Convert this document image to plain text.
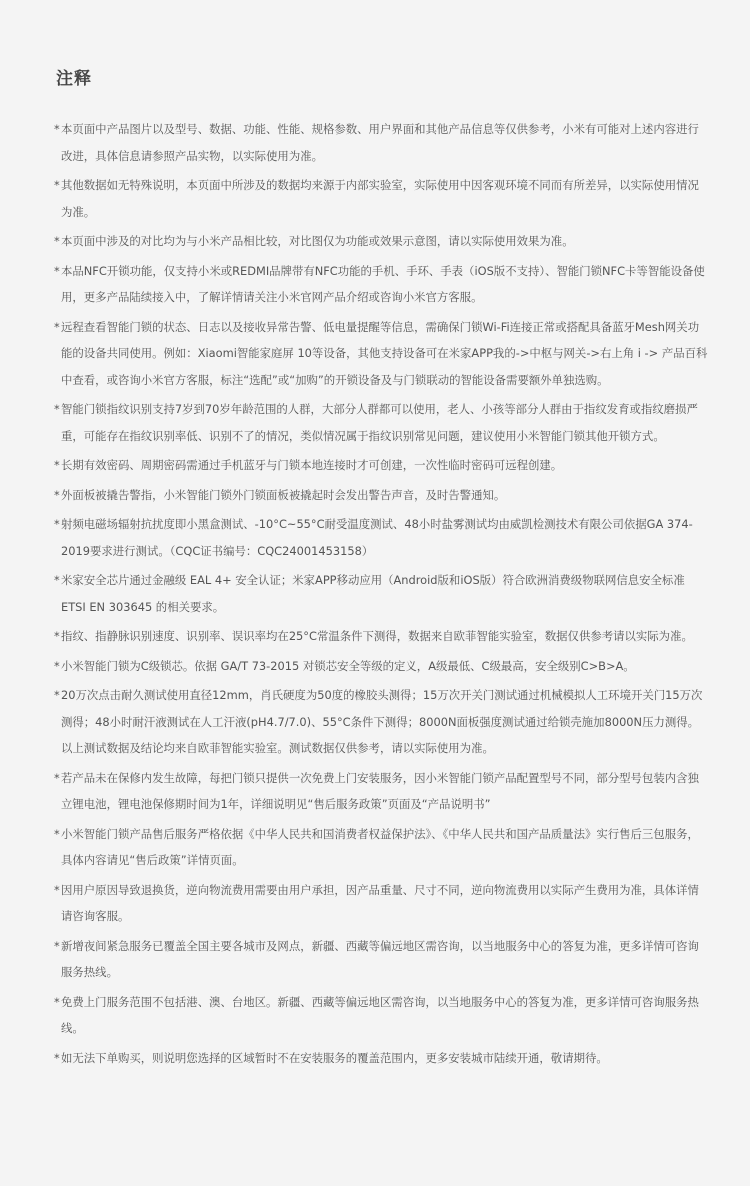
注释
* 本页面中产品图片以及型号、数据、功能、性能、规格参数、用户界面和其他产品信息等仅供参考，小米有可能对上述内容进行改进，具体信息请参照产品实物，以实际使用为准。
* 其他数据如无特殊说明，本页面中所涉及的数据均来源于内部实验室，实际使用中因客观环境不同而有所差异，以实际使用情况为准。
* 本页面中涉及的对比均为与小米产品相比较，对比图仅为功能或效果示意图，请以实际使用效果为准。
* 本品NFC开锁功能，仅支持小米或REDMI品牌带有NFC功能的手机、手环、手表（iOS版不支持）、智能门锁NFC卡等智能设备使用，更多产品陆续接入中，了解详情请关注小米官网产品介绍或咨询小米官方客服。
* 远程查看智能门锁的状态、日志以及接收异常告警、低电量提醒等信息，需确保门锁Wi-Fi连接正常或搭配具备蓝牙Mesh网关功能的设备共同使用。例如：Xiaomi智能家庭屏 10等设备，其他支持设备可在米家APP我的->中枢与网关->右上角 i -> 产品百科中查看，或咨询小米官方客服，标注“选配”或“加购”的开锁设备及与门锁联动的智能设备需要额外单独选购。
* 智能门锁指纹识别支持7岁到70岁年龄范围的人群，大部分人群都可以使用，老人、小孩等部分人群由于指纹发育或指纹磨损严重，可能存在指纹识别率低、识别不了的情况，类似情况属于指纹识别常见问题，建议使用小米智能门锁其他开锁方式。
* 长期有效密码、周期密码需通过手机蓝牙与门锁本地连接时才可创建，一次性临时密码可远程创建。
* 外面板被撬告警指，小米智能门锁外门锁面板被撬起时会发出警告声音，及时告警通知。
* 射频电磁场辐射抗扰度即小黑盒测试、-10°C~55°C耐受温度测试、48小时盐雾测试均由威凯检测技术有限公司依据GA 374-2019要求进行测试。（CQC证书编号：CQC24001453158）
* 米家安全芯片通过金融级 EAL 4+ 安全认证；米家APP移动应用（Android版和iOS版）符合欧洲消费级物联网信息安全标准 ETSI EN 303645 的相关要求。
* 指纹、指静脉识别速度、识别率、误识率均在25°C常温条件下测得，数据来自欧菲智能实验室，数据仅供参考请以实际为准。
* 小米智能门锁为C级锁芯。依据 GA/T 73-2015 对锁芯安全等级的定义，A级最低、C级最高，安全级别C>B>A。
* 20万次点击耐久测试使用直径12mm，肖氏硬度为50度的橡胶头测得；15万次开关门测试通过机械模拟人工环境开关门15万次测得；48小时耐汗液测试在人工汗液(pH4.7/7.0)、55°C条件下测得；8000N面板强度测试通过给锁壳施加8000N压力测得。以上测试数据及结论均来自欧菲智能实验室。测试数据仅供参考，请以实际使用为准。
* 若产品未在保修内发生故障，每把门锁只提供一次免费上门安装服务，因小米智能门锁产品配置型号不同，部分型号包装内含独立锂电池，锂电池保修期时间为1年，详细说明见“售后服务政策”页面及“产品说明书”
* 小米智能门锁产品售后服务严格依据《中华人民共和国消费者权益保护法》、《中华人民共和国产品质量法》实行售后三包服务，具体内容请见“售后政策”详情页面。
* 因用户原因导致退换货，逆向物流费用需要由用户承担，因产品重量、尺寸不同，逆向物流费用以实际产生费用为准，具体详情请咨询客服。
* 新增夜间紧急服务已覆盖全国主要各城市及网点，新疆、西藏等偏远地区需咨询，以当地服务中心的答复为准，更多详情可咨询服务热线。
* 免费上门服务范围不包括港、澳、台地区。新疆、西藏等偏远地区需咨询，以当地服务中心的答复为准，更多详情可咨询服务热线。
* 如无法下单购买，则说明您选择的区域暂时不在安装服务的覆盖范围内，更多安装城市陆续开通，敬请期待。
